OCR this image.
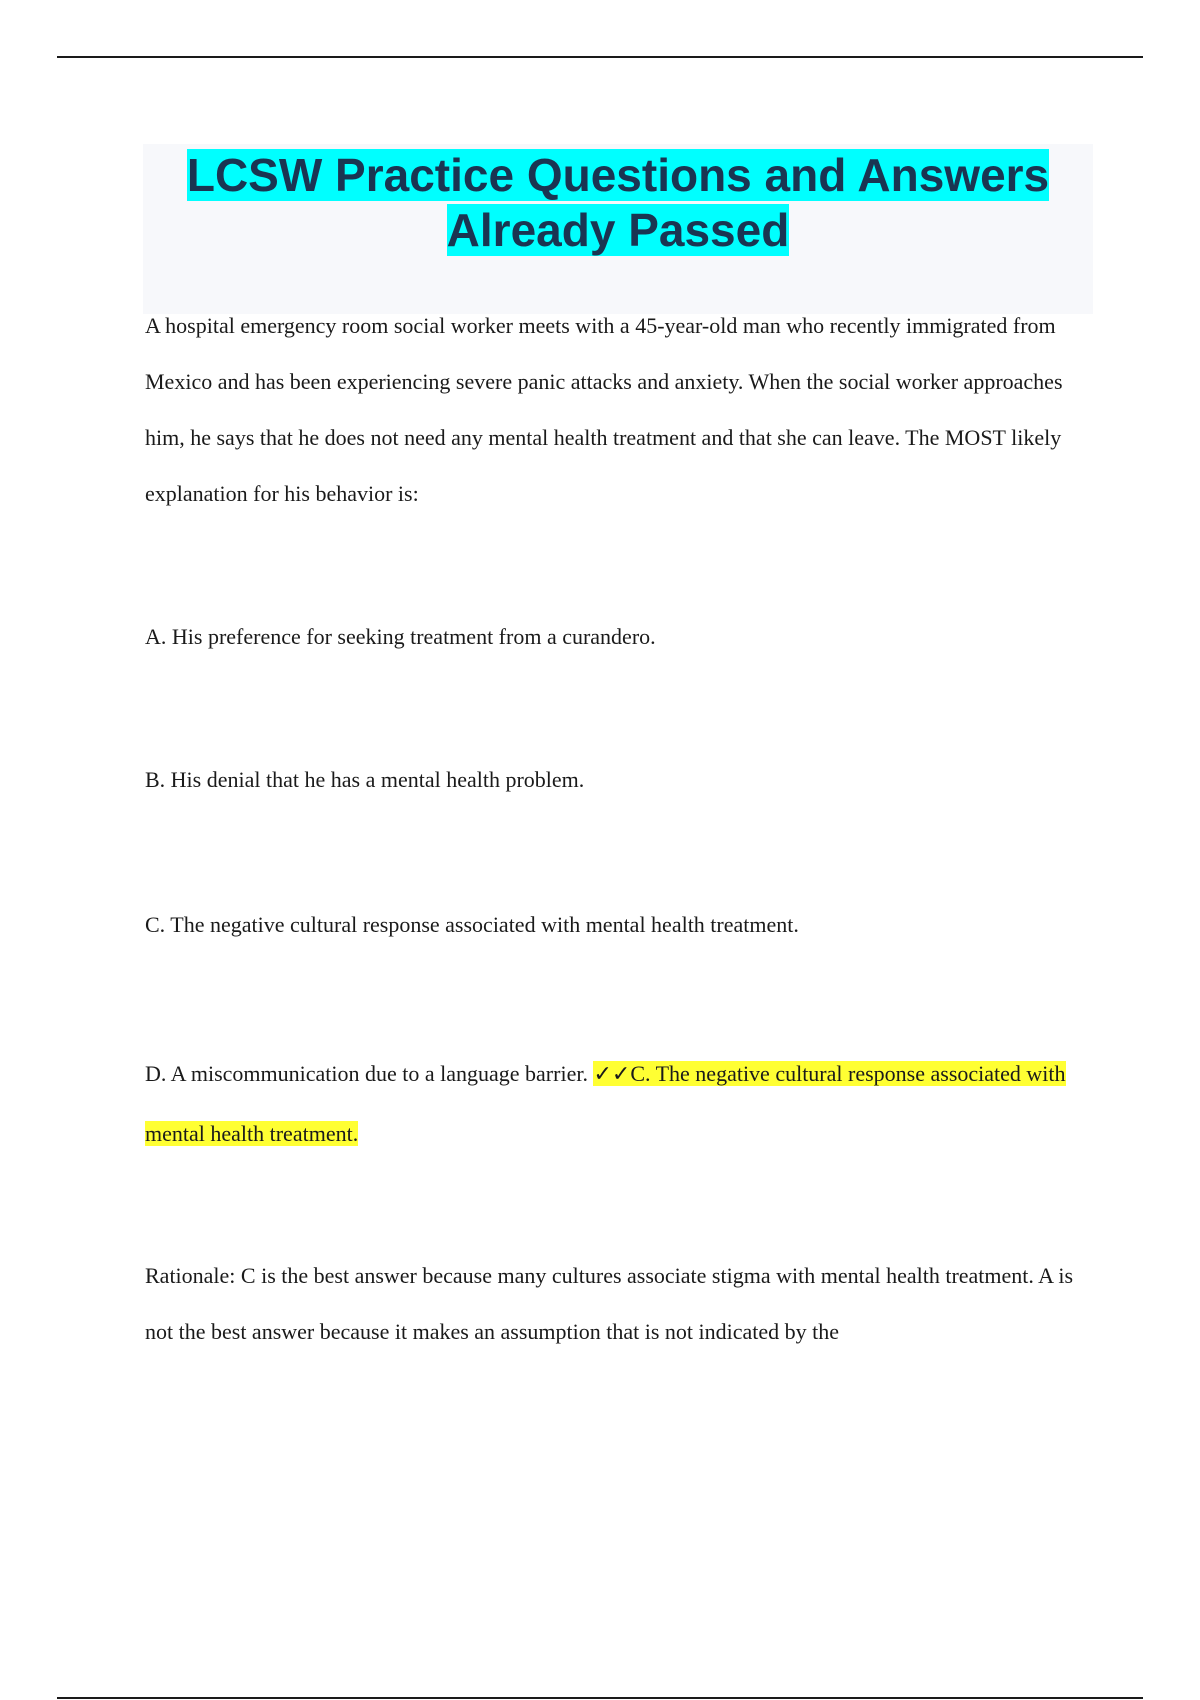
LCSW Practice Questions and Answers Already Passed

A hospital emergency room social worker meets with a 45-year-old man who recently immigrated from Mexico and has been experiencing severe panic attacks and anxiety. When the social worker approaches him, he says that he does not need any mental health treatment and that she can leave. The MOST likely explanation for his behavior is:

A. His preference for seeking treatment from a curandero.

B. His denial that he has a mental health problem.

C. The negative cultural response associated with mental health treatment.

D. A miscommunication due to a language barrier. ✓✓C. The negative cultural response associated with mental health treatment.

Rationale: C is the best answer because many cultures associate stigma with mental health treatment. A is not the best answer because it makes an assumption that is not indicated by the
